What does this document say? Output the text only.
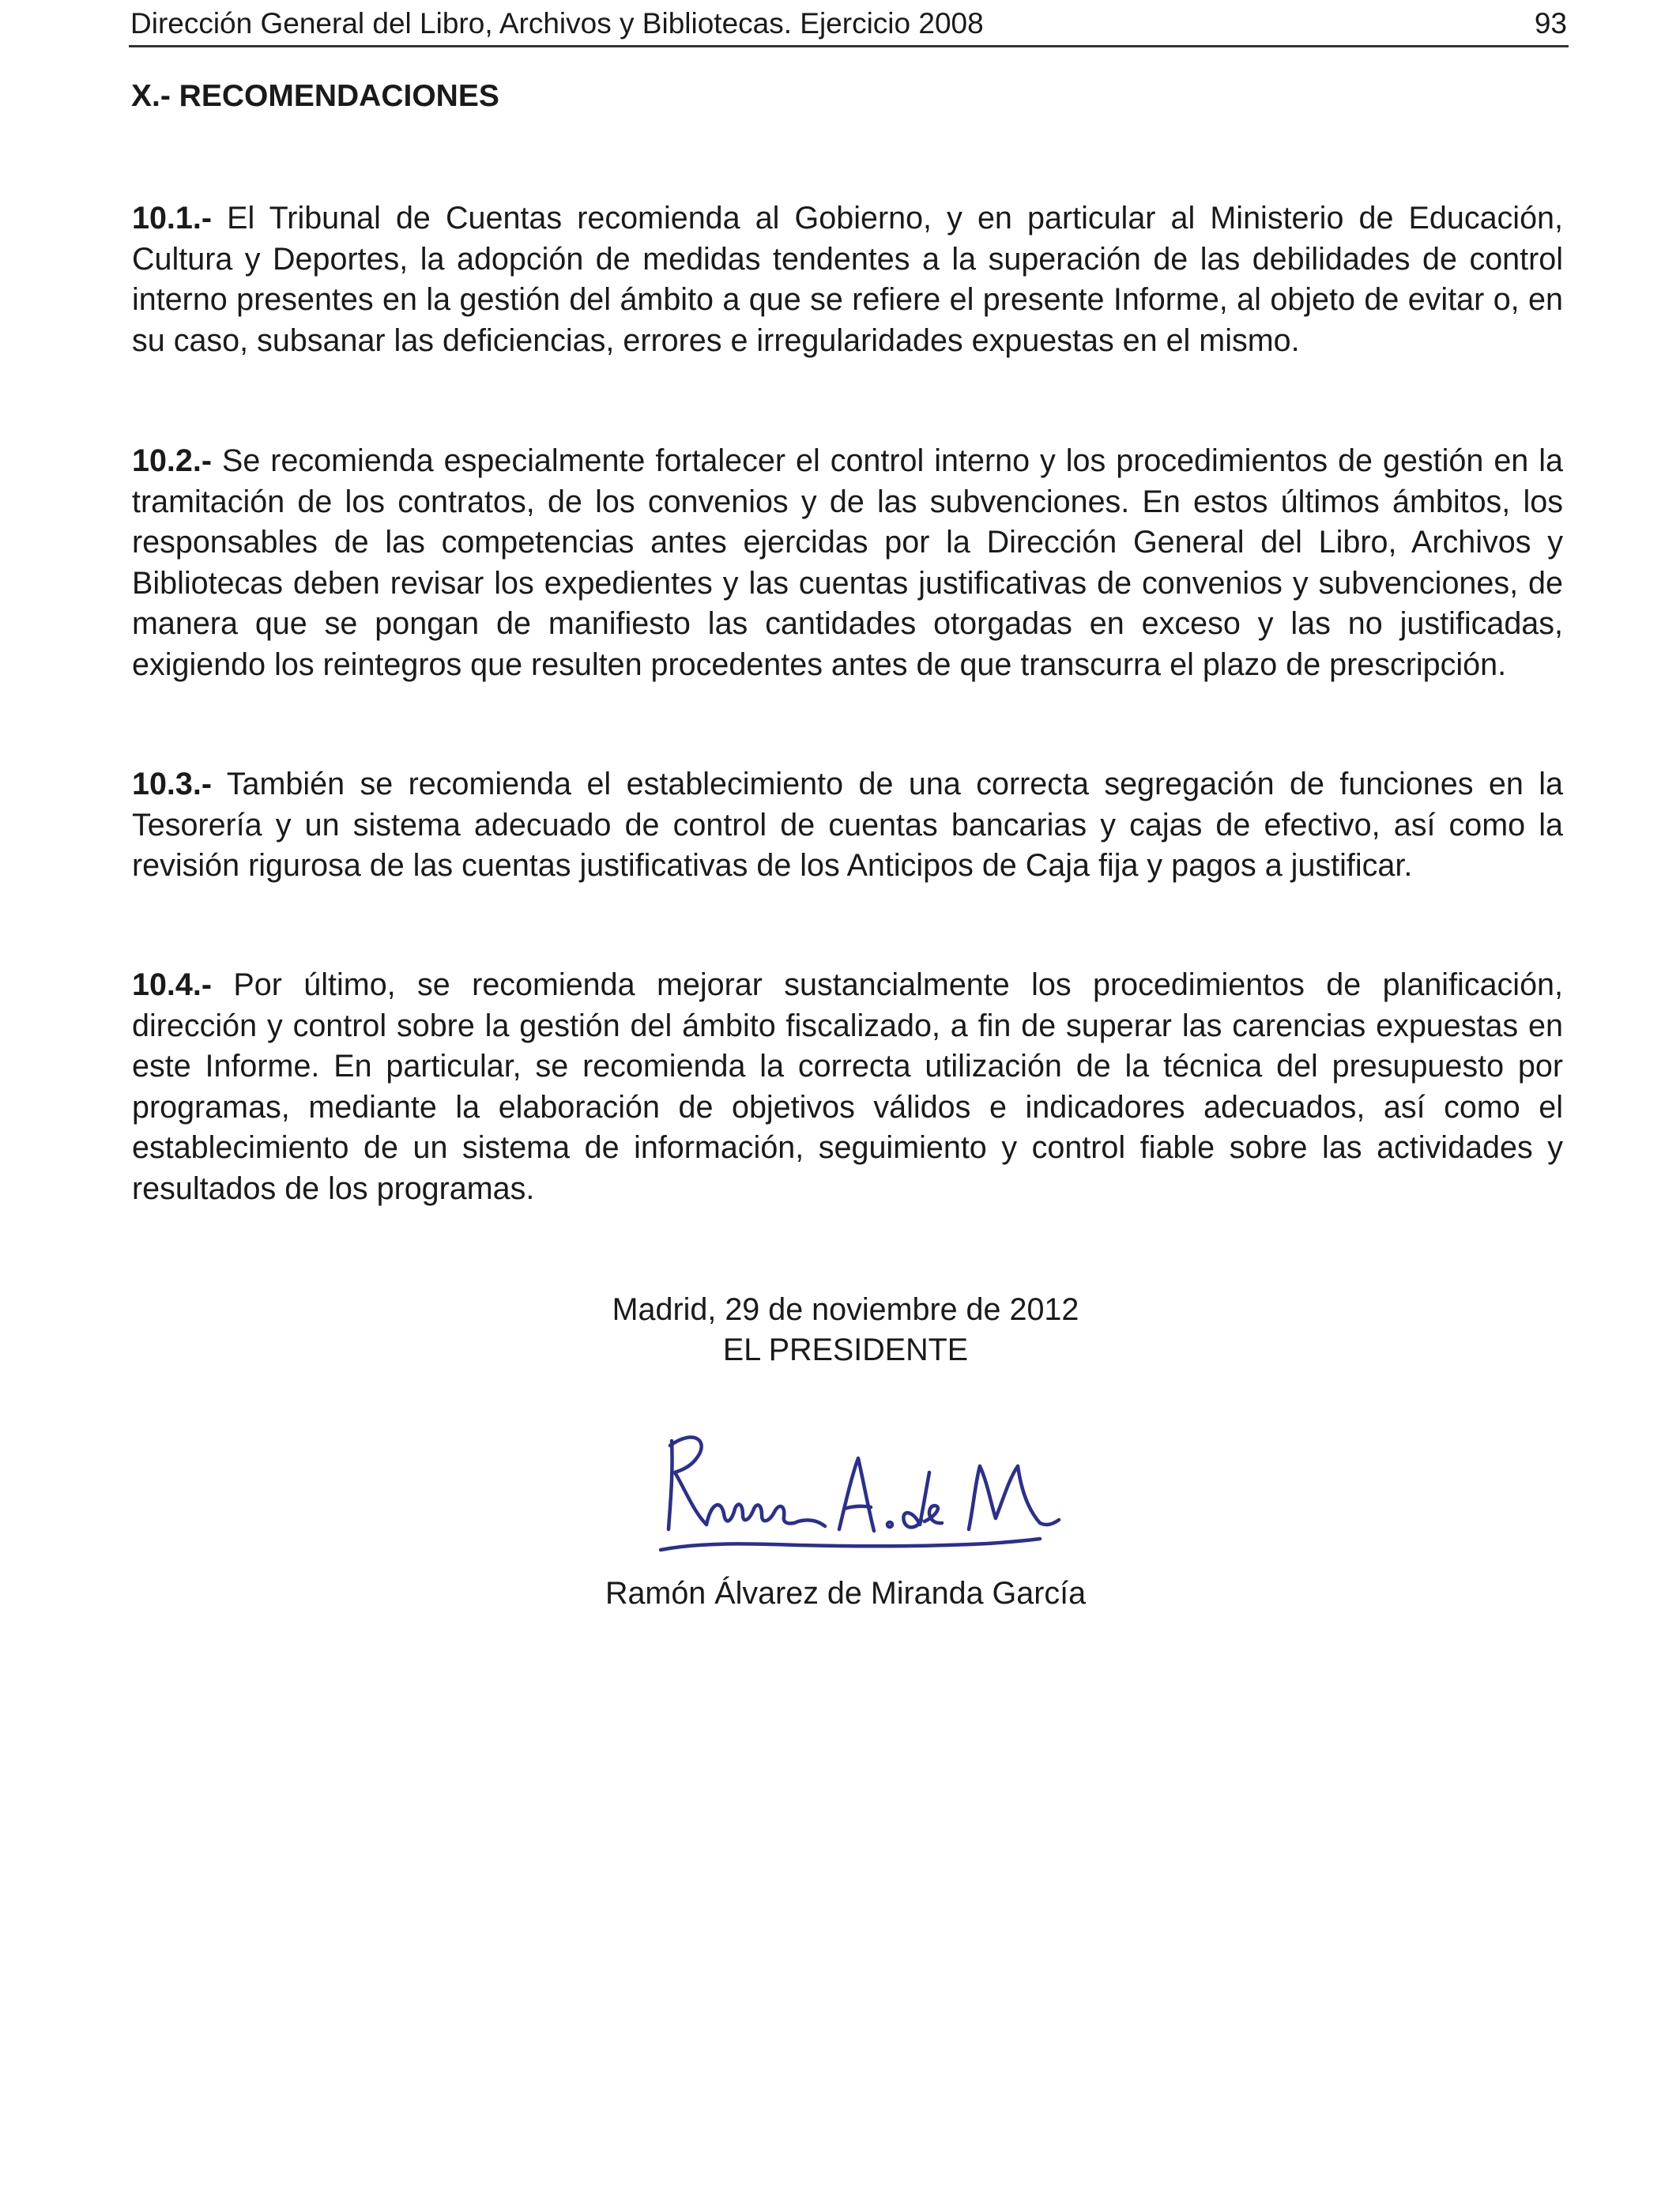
Dirección General del Libro, Archivos y Bibliotecas. Ejercicio 2008	93
X.- RECOMENDACIONES

10.1.- El Tribunal de Cuentas recomienda al Gobierno, y en particular al Ministerio de Educación, Cultura y Deportes, la adopción de medidas tendentes a la superación de las debilidades de control interno presentes en la gestión del ámbito a que se refiere el presente Informe, al objeto de evitar o, en su caso, subsanar las deficiencias, errores e irregularidades expuestas en el mismo.

10.2.- Se recomienda especialmente fortalecer el control interno y los procedimientos de gestión en la tramitación de los contratos, de los convenios y de las subvenciones. En estos últimos ámbitos, los responsables de las competencias antes ejercidas por la Dirección General del Libro, Archivos y Bibliotecas deben revisar los expedientes y las cuentas justificativas de convenios y subvenciones, de manera que se pongan de manifiesto las cantidades otorgadas en exceso y las no justificadas, exigiendo los reintegros que resulten procedentes antes de que transcurra el plazo de prescripción.

10.3.- También se recomienda el establecimiento de una correcta segregación de funciones en la Tesorería y un sistema adecuado de control de cuentas bancarias y cajas de efectivo, así como la revisión rigurosa de las cuentas justificativas de los Anticipos de Caja fija y pagos a justificar.

10.4.- Por último, se recomienda mejorar sustancialmente los procedimientos de planificación, dirección y control sobre la gestión del ámbito fiscalizado, a fin de superar las carencias expuestas en este Informe. En particular, se recomienda la correcta utilización de la técnica del presupuesto por programas, mediante la elaboración de objetivos válidos e indicadores adecuados, así como el establecimiento de un sistema de información, seguimiento y control fiable sobre las actividades y resultados de los programas.

Madrid, 29 de noviembre de 2012
EL PRESIDENTE
Ramón Álvarez de Miranda García
